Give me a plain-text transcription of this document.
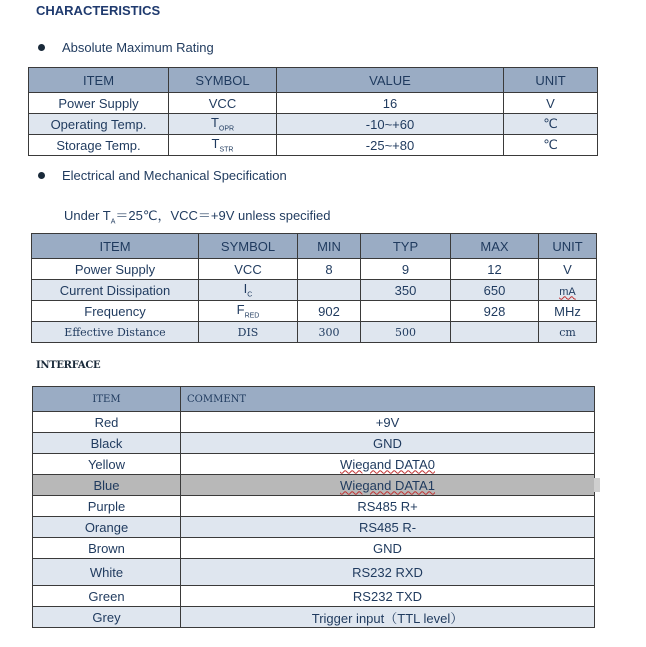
CHARACTERISTICS
Absolute Maximum Rating
ITEM	SYMBOL	VALUE	UNIT
Power Supply	VCC	16	V
Operating Temp.	$T_{OPR}$	-10~+60	℃
Storage Temp.	$T_{STR}$	-25~+80	℃
Electrical and Mechanical Specification
Under $T_A=25℃$，VCC＝+9V unless specified
ITEM	SYMBOL	MIN	TYP	MAX	UNIT
Power Supply	VCC	8	9	12	V
Current Dissipation	$I_C$		350	650	mA
Frequency	$F_{RED}$	902		928	MHz
Effective Distance	DIS	300	500		cm
INTERFACE
ITEM	COMMENT
Red	+9V
Black	GND
Yellow	Wiegand DATA0
Blue	Wiegand DATA1
Purple	RS485 R+
Orange	RS485 R-
Brown	GND
White	RS232 RXD
Green	RS232 TXD
Grey	Trigger input（TTL level）
